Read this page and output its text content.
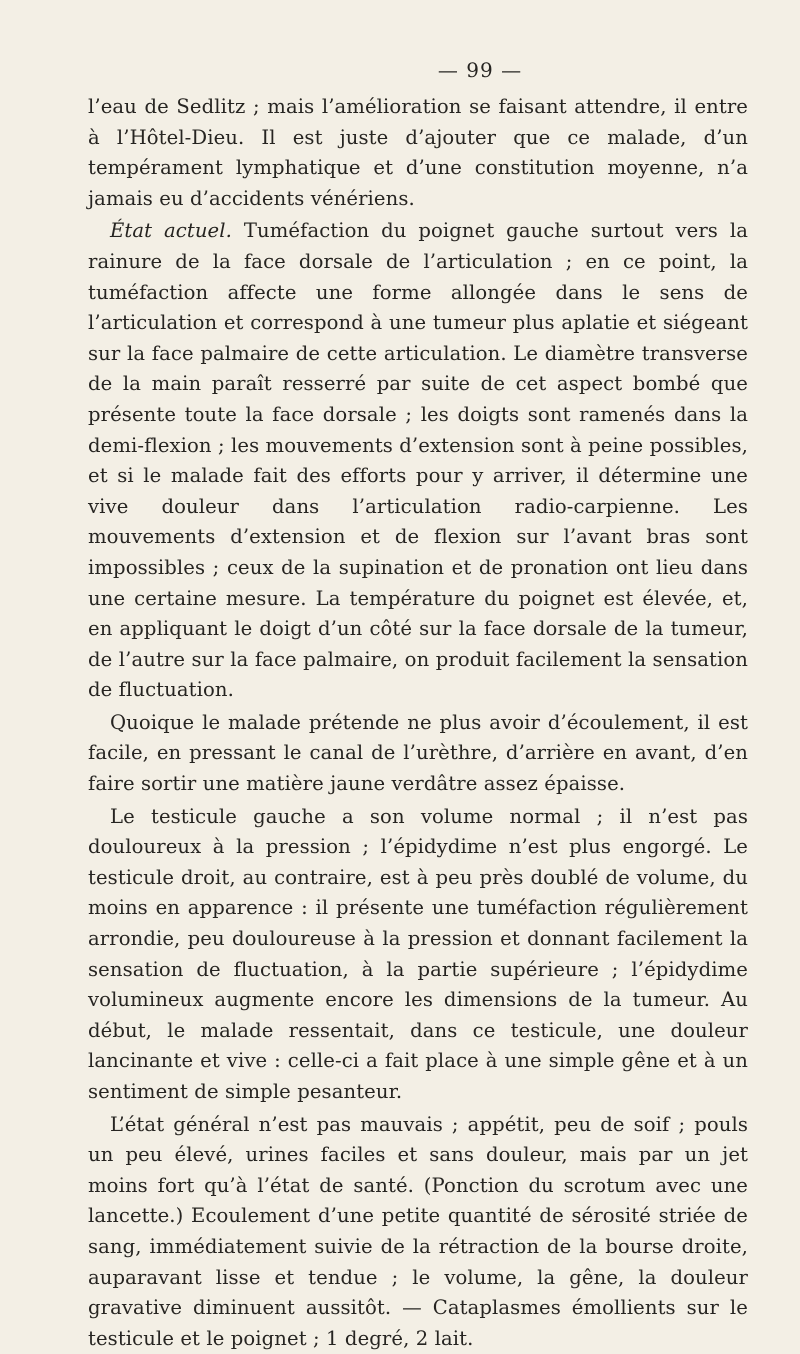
— 99 —

l’eau de Sedlitz ; mais l’amélioration se faisant attendre, il entre à l’Hôtel-Dieu. Il est juste d’ajouter que ce malade, d’un tempérament lymphatique et d’une constitution moyenne, n’a jamais eu d’accidents vénériens.

État actuel. Tuméfaction du poignet gauche surtout vers la rainure de la face dorsale de l’articulation ; en ce point, la tuméfaction affecte une forme allongée dans le sens de l’articulation et correspond à une tumeur plus aplatie et siégeant sur la face palmaire de cette articulation. Le diamètre transverse de la main paraît resserré par suite de cet aspect bombé que présente toute la face dorsale ; les doigts sont ramenés dans la demi-flexion ; les mouvements d’extension sont à peine possibles, et si le malade fait des efforts pour y arriver, il détermine une vive douleur dans l’articulation radio-carpienne. Les mouvements d’extension et de flexion sur l’avant bras sont impossibles ; ceux de la supination et de pronation ont lieu dans une certaine mesure. La température du poignet est élevée, et, en appliquant le doigt d’un côté sur la face dorsale de la tumeur, de l’autre sur la face palmaire, on produit facilement la sensation de fluctuation.

Quoique le malade prétende ne plus avoir d’écoulement, il est facile, en pressant le canal de l’urèthre, d’arrière en avant, d’en faire sortir une matière jaune verdâtre assez épaisse.

Le testicule gauche a son volume normal ; il n’est pas douloureux à la pression ; l’épidydime n’est plus engorgé. Le testicule droit, au contraire, est à peu près doublé de volume, du moins en apparence : il présente une tuméfaction régulièrement arrondie, peu douloureuse à la pression et donnant facilement la sensation de fluctuation, à la partie supérieure ; l’épidydime volumineux augmente encore les dimensions de la tumeur. Au début, le malade ressentait, dans ce testicule, une douleur lancinante et vive : celle-ci a fait place à une simple gêne et à un sentiment de simple pesanteur.

L’état général n’est pas mauvais ; appétit, peu de soif ; pouls un peu élevé, urines faciles et sans douleur, mais par un jet moins fort qu’à l’état de santé. (Ponction du scrotum avec une lancette.) Ecoulement d’une petite quantité de sérosité striée de sang, immédiatement suivie de la rétraction de la bourse droite, auparavant lisse et tendue ; le volume, la gêne, la douleur gravative diminuent aussitôt. — Cataplasmes émollients sur le testicule et le poignet ; 1 degré, 2 lait.
